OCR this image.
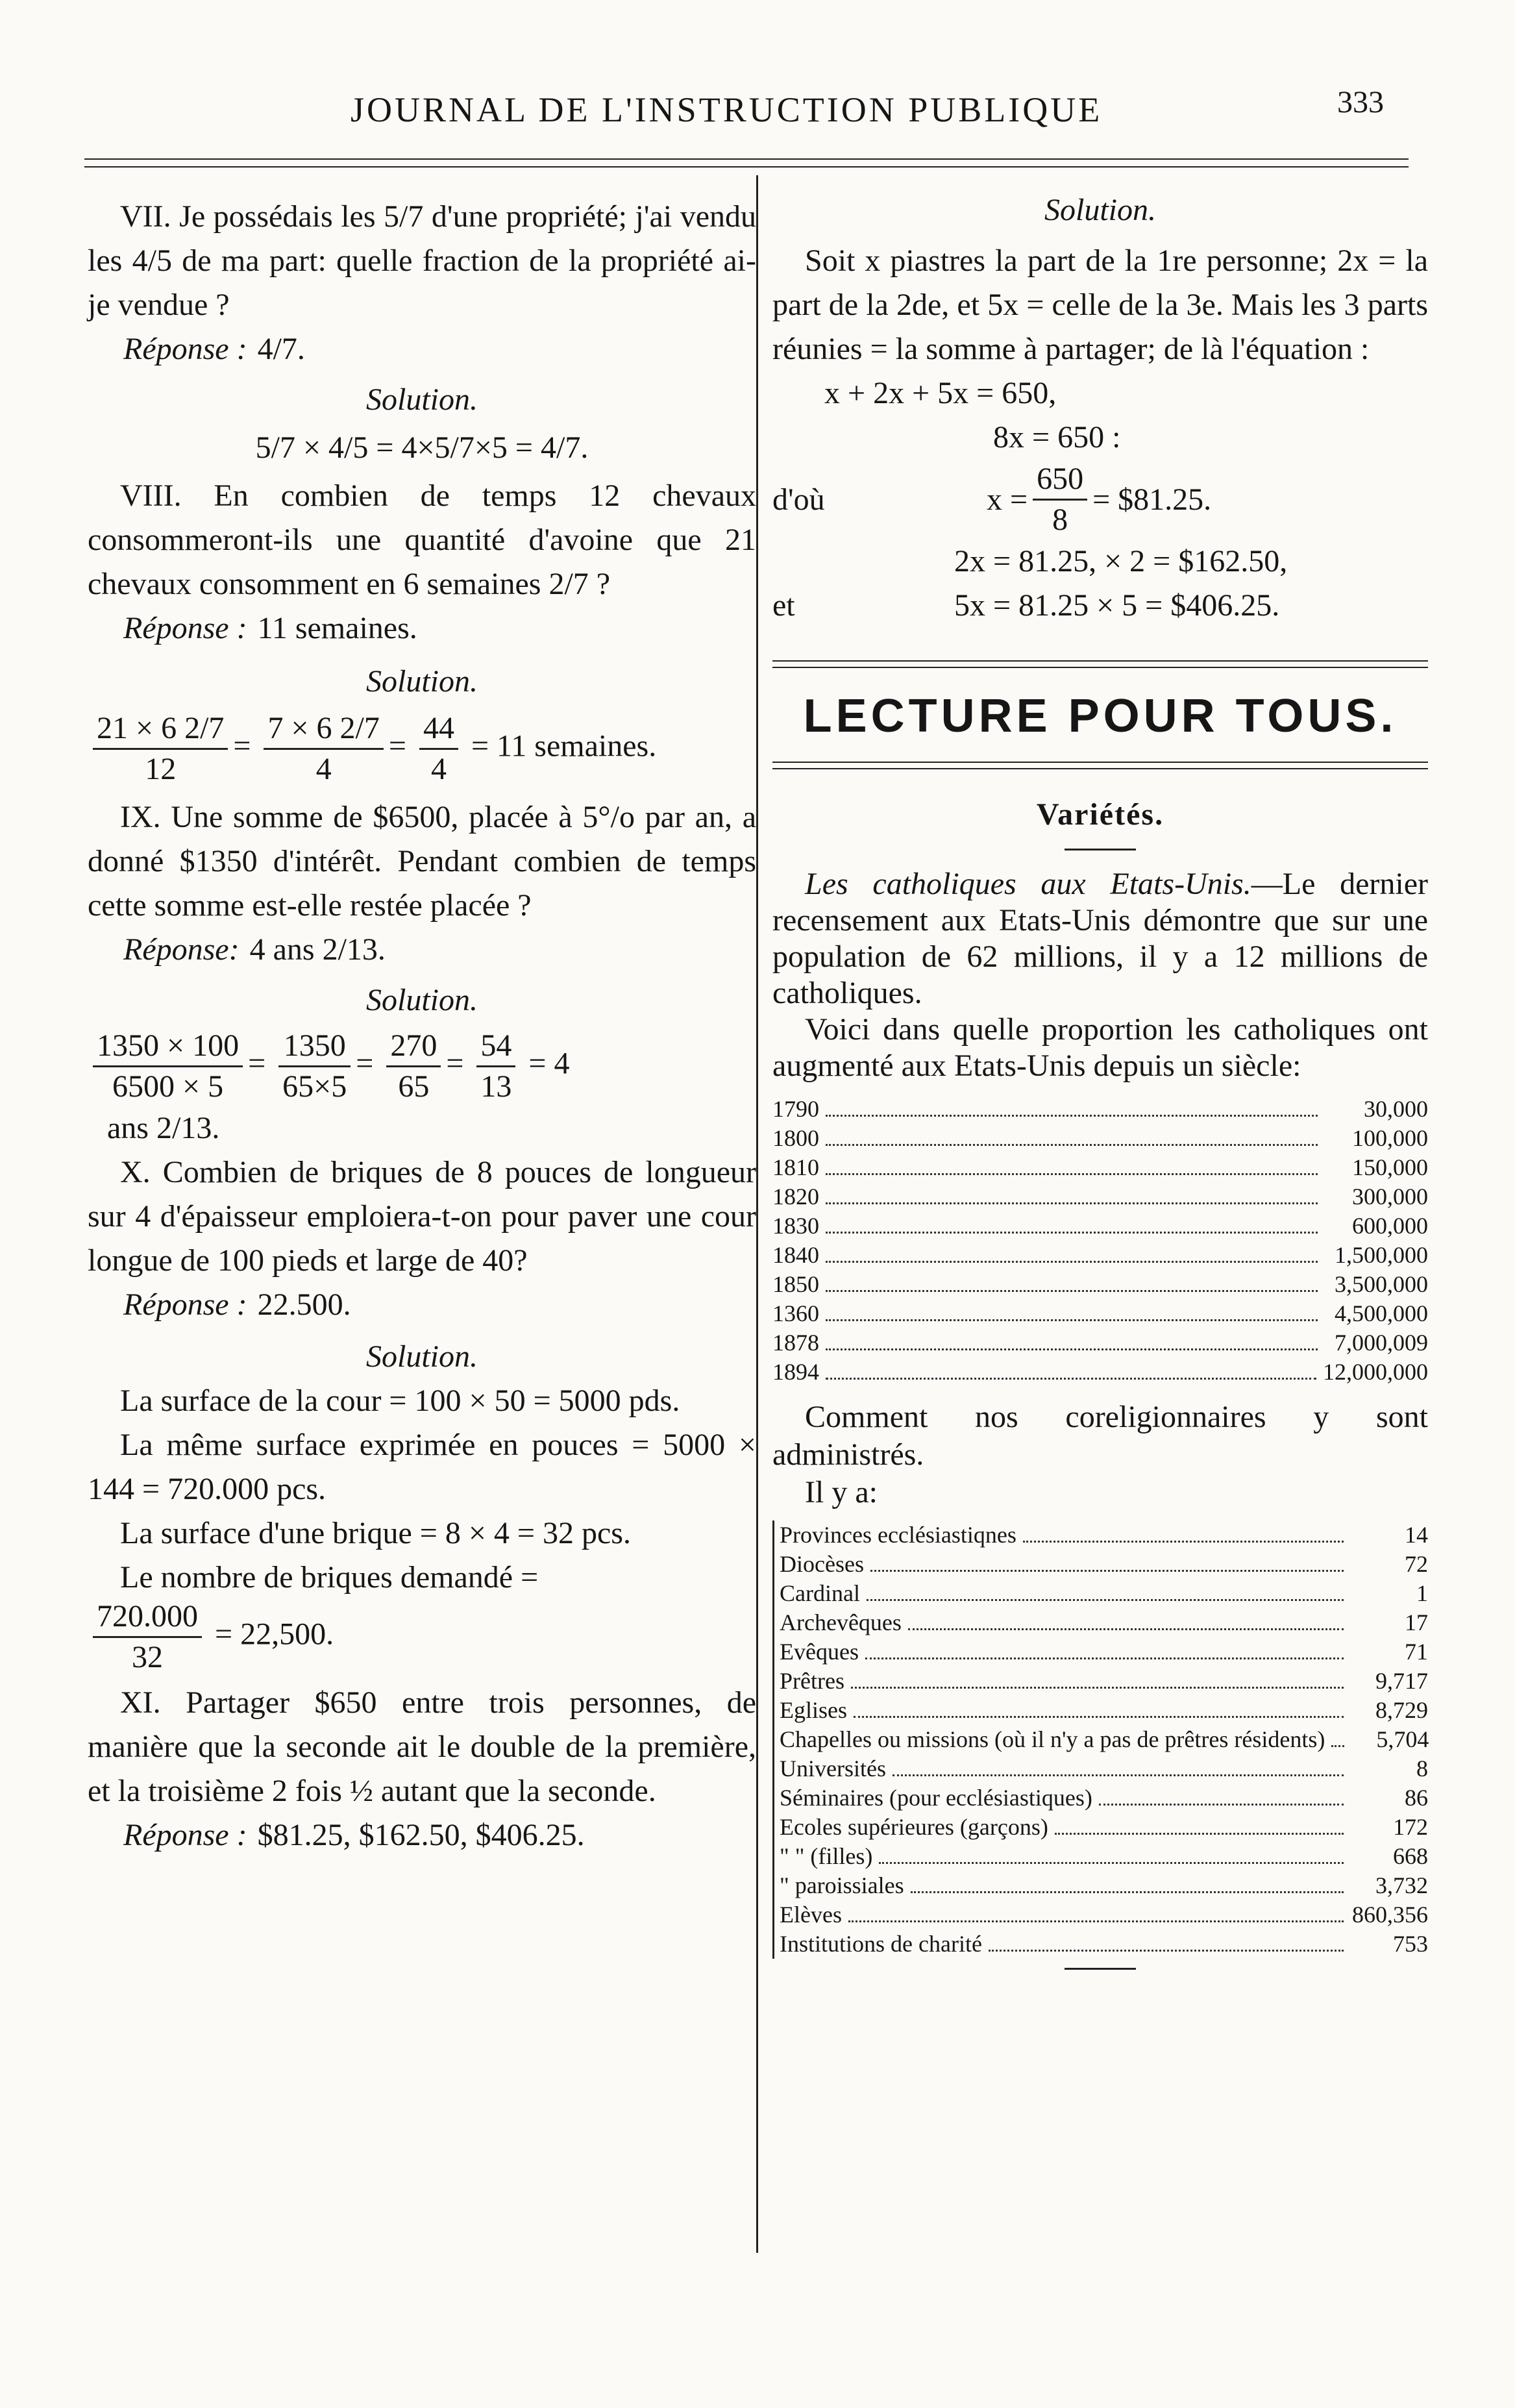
JOURNAL DE L'INSTRUCTION PUBLIQUE	333

VII. Je possédais les 5/7 d'une propriété; j'ai vendu les 4/5 de ma part: quelle fraction de la propriété ai-je vendue ?

Réponse : 4/7.

Solution.

5/7 × 4/5 = 4×5/7×5 = 4/7.

VIII. En combien de temps 12 chevaux consommeront-ils une quantité d'avoine que 21 chevaux consomment en 6 semaines 2/7 ?

Réponse : 11 semaines.

Solution.

$\frac{21 \times 6 2/7}{12} = \frac{7 \times 6 2/7}{4} = \frac{44}{4} = 11$ semaines.

IX. Une somme de $6500, placée à 5°/o par an, a donné $1350 d'intérêt. Pendant combien de temps cette somme est-elle restée placée ?

Réponse: 4 ans 2/13.

Solution.

$\frac{1350 \times 100}{6500 \times 5} = \frac{1350}{65\times 5} = \frac{270}{65} = \frac{54}{13} = 4$

ans 2/13.

X. Combien de briques de 8 pouces de longueur sur 4 d'épaisseur emploiera-t-on pour paver une cour longue de 100 pieds et large de 40?

Réponse : 22.500.

Solution.

La surface de la cour = 100 × 50 = 5000 pds.

La même surface exprimée en pouces = 5000 × 144 = 720.000 pcs.

La surface d'une brique = 8 × 4 = 32 pcs.

Le nombre de briques demandé =

$\frac{720.000}{32} = 22,500$.

XI. Partager $650 entre trois personnes, de manière que la seconde ait le double de la première, et la troisième 2 fois ½ autant que la seconde.

Réponse : $81.25, $162.50, $406.25.

Solution.

Soit x piastres la part de la 1re personne; 2x = la part de la 2de, et 5x = celle de la 3e. Mais les 3 parts réunies = la somme à partager; de là l'équation :

x + 2x + 5x = 650,

8x = 650 :

d'où	$x = \frac{650}{8}$ = $81.25.

2x = 81.25, × 2 = $162.50,

et	5x = 81.25 × 5 = $406.25.
LECTURE POUR TOUS.

Variétés.

Les catholiques aux Etats-Unis.—Le dernier recensement aux Etats-Unis démontre que sur une population de 62 millions, il y a 12 millions de catholiques.

Voici dans quelle proportion les catholiques ont augmenté aux Etats-Unis depuis un siècle:

1790	30,000
1800	100,000
1810	150,000
1820	300,000
1830	600,000
1840	1,500,000
1850	3,500,000
1360	4,500,000
1878	7,000,009
1894	12,000,000

Comment nos coreligionnaires y sont administrés.

Il y a:

Provinces ecclésiastiqnes	14
Diocèses	72
Cardinal	1
Archevêques	17
Evêques	71
Prêtres	9,717
Eglises	8,729
Chapelles ou missions (où il n'y a pas de prêtres résidents)	5,704
Universités	8
Séminaires (pour ecclésiastiques)	86
Ecoles supérieures (garçons)	172
" " (filles)	668
" paroissiales	3,732
Elèves	860,356
Institutions de charité	753
